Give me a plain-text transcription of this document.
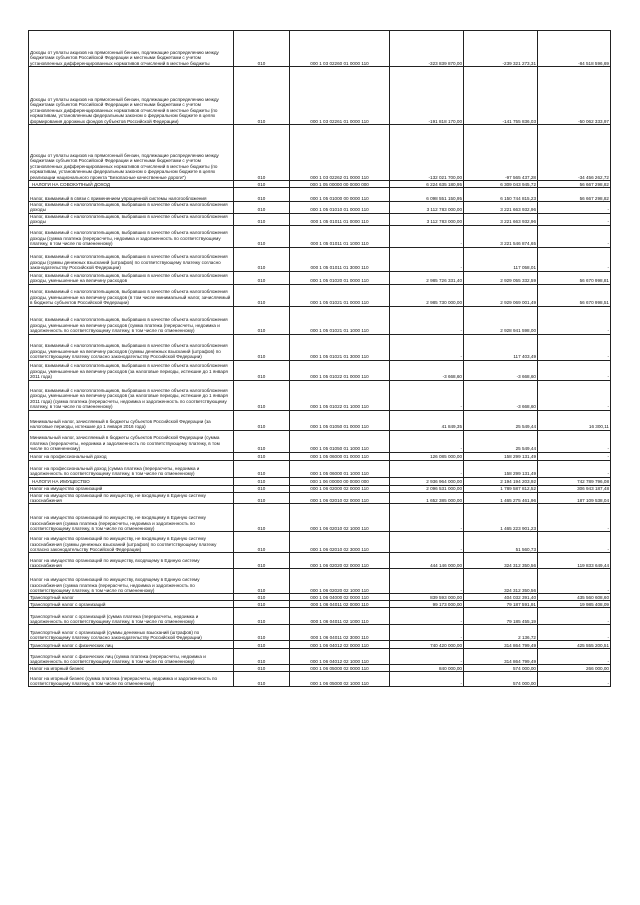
Доходы от уплаты акцизов на прямогонный бензин, подлежащие распределению между бюджетами субъектов Российской Федерации и местными бюджетами с учетом установленных дифференцированных нормативов отчислений в местные бюджеты	010	000 1 03 02260 01 0000 110	-323 839 870,00	-239 321 273,31	-84 518 596,69
Доходы от уплаты акцизов на прямогонный бензин, подлежащие распределению между бюджетами субъектов Российской Федерации и местными бюджетами с учетом установленных дифференцированных нормативов отчислений в местные бюджеты (по нормативам, установленным федеральным законом о федеральном бюджете в целях формирования дорожных фондов субъектов Российской Федерации)	010	000 1 03 02261 01 0000 110	-191 818 170,00	-141 755 836,03	-50 062 333,97
Доходы от уплаты акцизов на прямогонный бензин, подлежащие распределению между бюджетами субъектов Российской Федерации и местными бюджетами с учетом установленных дифференцированных нормативов отчислений в местные бюджеты (по нормативам, установленным федеральным законом о федеральном бюджете в целях реализации национального проекта "Безопасные качественные дороги")	010	000 1 03 02262 01 0000 110	-132 021 700,00	-97 565 437,28	-34 456 262,72
НАЛОГИ НА СОВОКУПНЫЙ ДОХОД	010	000 1 05 00000 00 0000 000	6 224 635 180,95	6 309 043 945,72	56 667 298,82
Налог, взимаемый в связи с применением упрощенной системы налогообложения	010	000 1 05 01000 00 0000 110	6 098 551 150,95	6 150 744 815,23	56 667 298,82
Налог, взимаемый с налогоплательщиков, выбравших в качестве объекта налогообложения доходы	010	000 1 05 01010 01 0000 110	3 112 783 000,00	3 221 663 932,96	-
Налог, взимаемый с налогоплательщиков, выбравших в качестве объекта налогообложения доходы	010	000 1 05 01011 01 0000 110	3 112 783 000,00	3 221 663 932,96	-
Налог, взимаемый с налогоплательщиков, выбравших в качестве объекта налогообложения доходы (сумма платежа (перерасчеты, недоимка и задолженность по соответствующему платежу, в том числе по отмененному)	010	000 1 05 01011 01 1000 110	-	3 221 546 874,65	-
Налог, взимаемый с налогоплательщиков, выбравших в качестве объекта налогообложения доходы (суммы денежных взысканий (штрафов) по соответствующему платежу согласно законодательству Российской Федерации)	010	000 1 05 01011 01 3000 110	-	117 058,01	-
Налог, взимаемый с налогоплательщиков, выбравших в качестве объекта налогообложения доходы, уменьшенные на величину расходов	010	000 1 05 01020 01 0000 110	2 985 726 331,40	2 929 055 332,59	56 670 998,81
Налог, взимаемый с налогоплательщиков, выбравших в качестве объекта налогообложения доходы, уменьшенные на величину расходов (в том числе минимальный налог, зачисляемый в бюджеты субъектов Российской Федерации)	010	000 1 05 01021 01 0000 110	2 985 730 000,00	2 929 069 001,49	56 670 998,51
Налог, взимаемый с налогоплательщиков, выбравших в качестве объекта налогообложения доходы, уменьшенные на величину расходов (сумма платежа (перерасчеты, недоимка и задолженность по соответствующему платежу, в том числе по отмененному)	010	000 1 05 01021 01 1000 110	-	2 928 941 598,00	-
Налог, взимаемый с налогоплательщиков, выбравших в качестве объекта налогообложения доходы, уменьшенные на величину расходов (суммы денежных взысканий (штрафов) по соответствующему платежу согласно законодательству Российской Федерации)	010	000 1 05 01021 01 3000 110	-	117 403,49	-
Налог, взимаемый с налогоплательщиков, выбравших в качестве объекта налогообложения доходы, уменьшенные на величину расходов (за налоговые периоды, истекшие до 1 января 2011 года)	010	000 1 05 01022 01 0000 110	-3 668,60	-3 668,60	-
Налог, взимаемый с налогоплательщиков, выбравших в качестве объекта налогообложения доходы, уменьшенные на величину расходов (за налоговые периоды, истекшие до 1 января 2011 года) (сумма платежа (перерасчеты, недоимка и задолженность по соответствующему платежу, в том числе по отмененному)	010	000 1 05 01022 01 1000 110	-	-3 668,60	-
Минимальный налог, зачисляемый в бюджеты субъектов Российской Федерации (за налоговые периоды, истекшие до 1 января 2016 года)	010	000 1 05 01050 01 0000 110	41 849,35	25 549,44	16 300,11
Минимальный налог, зачисляемый в бюджеты субъектов Российской Федерации (сумма платежа (перерасчеты, недоимка и задолженность по соответствующему платежу, в том числе по отмененному)	010	000 1 05 01050 01 1000 110	-	25 549,44	-
Налог на профессиональный доход	010	000 1 05 06000 01 0000 110	126 085 000,00	158 299 131,49	-
Налог на профессиональный доход (сумма платежа (перерасчеты, недоимка и задолженность по соответствующему платежу, в том числе по отмененному)	010	000 1 05 06000 01 1000 110	-	158 299 131,49	-
НАЛОГИ НА ИМУЩЕСТВО	010	000 1 06 00000 00 0000 000	2 936 964 000,00	2 194 194 203,92	742 789 796,08
Налог на имущество организаций	010	000 1 06 02000 02 0000 110	2 096 531 000,00	1 789 587 812,52	306 943 187,48
Налог на имущество организаций по имуществу, не входящему в Единую систему газоснабжения	010	000 1 06 02010 02 0000 110	1 652 385 000,00	1 465 275 461,96	187 109 538,04
Налог на имущество организаций по имуществу, не входящему в Единую систему газоснабжения (сумма платежа (перерасчеты, недоимка и задолженность по соответствующему платежу, в том числе по отмененному)	010	000 1 06 02010 02 1000 110	-	1 465 223 901,23	-
Налог на имущество организаций по имуществу, не входящему в Единую систему газоснабжения (суммы денежных взысканий (штрафов) по соответствующему платежу согласно законодательству Российской Федерации)	010	000 1 06 02010 02 3000 110	-	51 560,73	-
Налог на имущество организаций по имуществу, входящему в Единую систему газоснабжения	010	000 1 06 02020 02 0000 110	444 146 000,00	324 312 350,56	119 833 649,44
Налог на имущество организаций по имуществу, входящему в Единую систему газоснабжения (сумма платежа (перерасчеты, недоимка и задолженность по соответствующему платежу, в том числе по отмененному)	010	000 1 06 02020 02 1000 110	-	324 312 350,56	-
Транспортный налог	010	000 1 06 04000 02 0000 110	839 593 000,00	404 032 391,40	435 560 608,60
Транспортный налог с организаций	010	000 1 06 04011 02 0000 110	99 173 000,00	79 187 591,91	19 985 408,09
Транспортный налог с организаций (сумма платежа (перерасчеты, недоимка и задолженность по соответствующему платежу, в том числе по отмененному)	010	000 1 06 04011 02 1000 110	-	79 185 455,19	-
Транспортный налог с организаций (суммы денежных взысканий (штрафов) по соответствующему платежу согласно законодательству Российской Федерации)	010	000 1 06 04011 02 3000 110	-	2 136,72	-
Транспортный налог с физических лиц	010	000 1 06 04012 02 0000 110	740 420 000,00	314 864 799,49	425 555 200,51
Транспортный налог с физических лиц (сумма платежа (перерасчеты, недоимка и задолженность по соответствующему платежу, в том числе по отмененному)	010	000 1 06 04012 02 1000 110	-	314 864 799,49	-
Налог на игорный бизнес	010	000 1 06 05000 02 0000 110	840 000,00	574 000,00	266 000,00
Налог на игорный бизнес (сумма платежа (перерасчеты, недоимка и задолженность по соответствующему платежу, в том числе по отмененному)	010	000 1 06 05000 02 1000 110	-	574 000,00	-
